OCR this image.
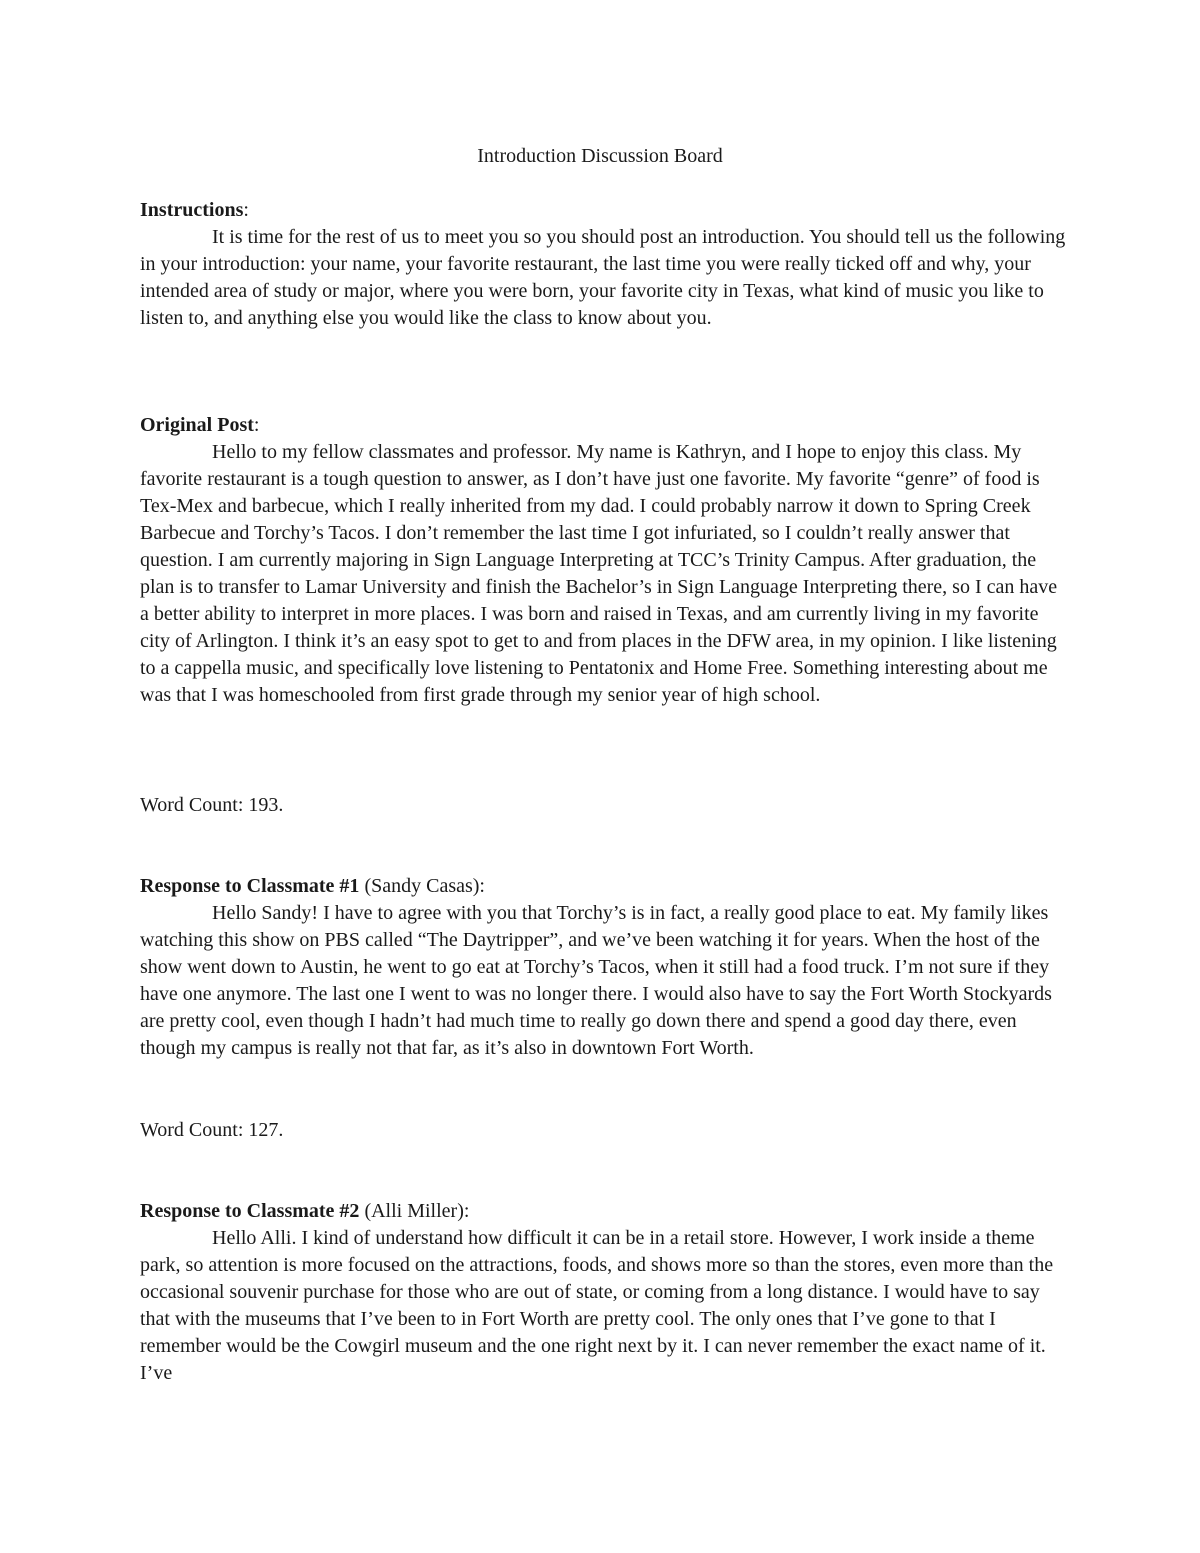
Introduction Discussion Board

Instructions:

It is time for the rest of us to meet you so you should post an introduction. You should tell us the following in your introduction: your name, your favorite restaurant, the last time you were really ticked off and why, your intended area of study or major, where you were born, your favorite city in Texas, what kind of music you like to listen to, and anything else you would like the class to know about you.

Original Post:

Hello to my fellow classmates and professor. My name is Kathryn, and I hope to enjoy this class. My favorite restaurant is a tough question to answer, as I don’t have just one favorite. My favorite “genre” of food is Tex-Mex and barbecue, which I really inherited from my dad. I could probably narrow it down to Spring Creek Barbecue and Torchy’s Tacos. I don’t remember the last time I got infuriated, so I couldn’t really answer that question. I am currently majoring in Sign Language Interpreting at TCC’s Trinity Campus. After graduation, the plan is to transfer to Lamar University and finish the Bachelor’s in Sign Language Interpreting there, so I can have a better ability to interpret in more places. I was born and raised in Texas, and am currently living in my favorite city of Arlington. I think it’s an easy spot to get to and from places in the DFW area, in my opinion. I like listening to a cappella music, and specifically love listening to Pentatonix and Home Free. Something interesting about me was that I was homeschooled from first grade through my senior year of high school.

Word Count: 193.

Response to Classmate #1 (Sandy Casas):

Hello Sandy! I have to agree with you that Torchy’s is in fact, a really good place to eat. My family likes watching this show on PBS called “The Daytripper”, and we’ve been watching it for years. When the host of the show went down to Austin, he went to go eat at Torchy’s Tacos, when it still had a food truck. I’m not sure if they have one anymore. The last one I went to was no longer there. I would also have to say the Fort Worth Stockyards are pretty cool, even though I hadn’t had much time to really go down there and spend a good day there, even though my campus is really not that far, as it’s also in downtown Fort Worth.

Word Count: 127.

Response to Classmate #2 (Alli Miller):

Hello Alli. I kind of understand how difficult it can be in a retail store. However, I work inside a theme park, so attention is more focused on the attractions, foods, and shows more so than the stores, even more than the occasional souvenir purchase for those who are out of state, or coming from a long distance. I would have to say that with the museums that I’ve been to in Fort Worth are pretty cool. The only ones that I’ve gone to that I remember would be the Cowgirl museum and the one right next by it. I can never remember the exact name of it. I’ve
